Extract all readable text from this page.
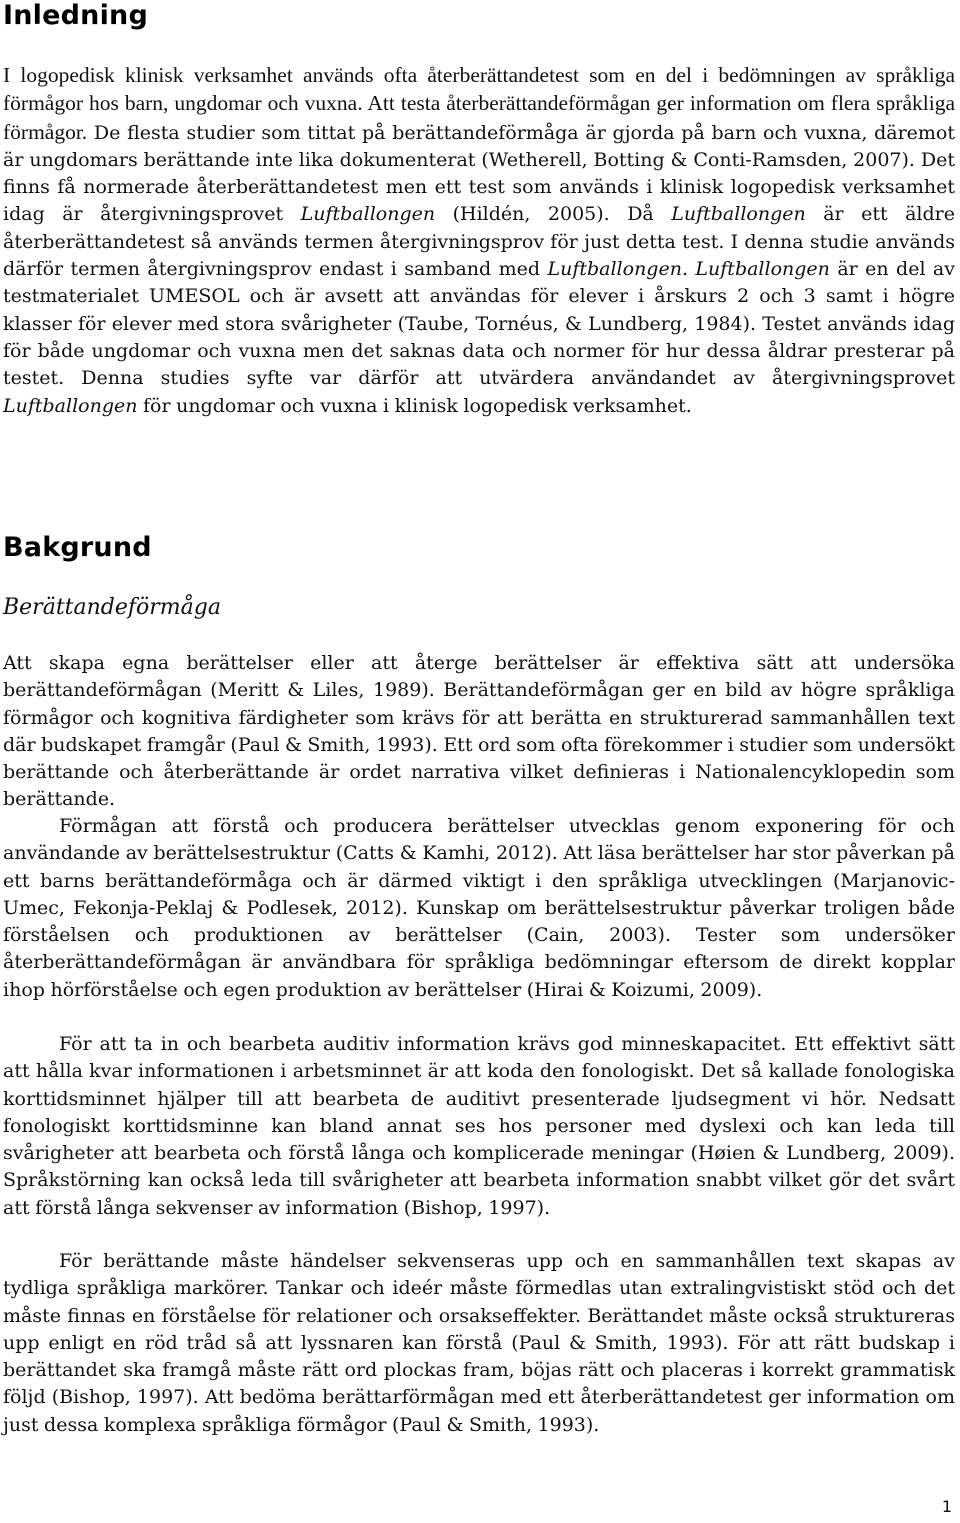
Inledning

I logopedisk klinisk verksamhet används ofta återberättandetest som en del i bedömningen av språkliga förmågor hos barn, ungdomar och vuxna. Att testa återberättandeförmågan ger information om flera språkliga förmågor. De flesta studier som tittat på berättandeförmåga är gjorda på barn och vuxna, däremot är ungdomars berättande inte lika dokumenterat (Wetherell, Botting & Conti-Ramsden, 2007). Det finns få normerade återberättandetest men ett test som används i klinisk logopedisk verksamhet idag är återgivningsprovet Luftballongen (Hildén, 2005). Då Luftballongen är ett äldre återberättandetest så används termen återgivningsprov för just detta test. I denna studie används därför termen återgivningsprov endast i samband med Luftballongen. Luftballongen är en del av testmaterialet UMESOL och är avsett att användas för elever i årskurs 2 och 3 samt i högre klasser för elever med stora svårigheter (Taube, Tornéus, & Lundberg, 1984). Testet används idag för både ungdomar och vuxna men det saknas data och normer för hur dessa åldrar presterar på testet. Denna studies syfte var därför att utvärdera användandet av återgivningsprovet Luftballongen för ungdomar och vuxna i klinisk logopedisk verksamhet.

Bakgrund
Berättandeförmåga

Att skapa egna berättelser eller att återge berättelser är effektiva sätt att undersöka berättandeförmågan (Meritt & Liles, 1989). Berättandeförmågan ger en bild av högre språkliga förmågor och kognitiva färdigheter som krävs för att berätta en strukturerad sammanhållen text där budskapet framgår (Paul & Smith, 1993). Ett ord som ofta förekommer i studier som undersökt berättande och återberättande är ordet narrativa vilket definieras i Nationalencyklopedin som berättande.

Förmågan att förstå och producera berättelser utvecklas genom exponering för och användande av berättelsestruktur (Catts & Kamhi, 2012). Att läsa berättelser har stor påverkan på ett barns berättandeförmåga och är därmed viktigt i den språkliga utvecklingen (Marjanovic-Umec, Fekonja-Peklaj & Podlesek, 2012). Kunskap om berättelsestruktur påverkar troligen både förståelsen och produktionen av berättelser (Cain, 2003). Tester som undersöker återberättandeförmågan är användbara för språkliga bedömningar eftersom de direkt kopplar ihop hörförståelse och egen produktion av berättelser (Hirai & Koizumi, 2009).

För att ta in och bearbeta auditiv information krävs god minneskapacitet. Ett effektivt sätt att hålla kvar informationen i arbetsminnet är att koda den fonologiskt. Det så kallade fonologiska korttidsminnet hjälper till att bearbeta de auditivt presenterade ljudsegment vi hör. Nedsatt fonologiskt korttidsminne kan bland annat ses hos personer med dyslexi och kan leda till svårigheter att bearbeta och förstå långa och komplicerade meningar (Høien & Lundberg, 2009). Språkstörning kan också leda till svårigheter att bearbeta information snabbt vilket gör det svårt att förstå långa sekvenser av information (Bishop, 1997).

För berättande måste händelser sekvenseras upp och en sammanhållen text skapas av tydliga språkliga markörer. Tankar och ideér måste förmedlas utan extralingvistiskt stöd och det måste finnas en förståelse för relationer och orsakseffekter. Berättandet måste också struktureras upp enligt en röd tråd så att lyssnaren kan förstå (Paul & Smith, 1993). För att rätt budskap i berättandet ska framgå måste rätt ord plockas fram, böjas rätt och placeras i korrekt grammatisk följd (Bishop, 1997). Att bedöma berättarförmågan med ett återberättandetest ger information om just dessa komplexa språkliga förmågor (Paul & Smith, 1993).

1
